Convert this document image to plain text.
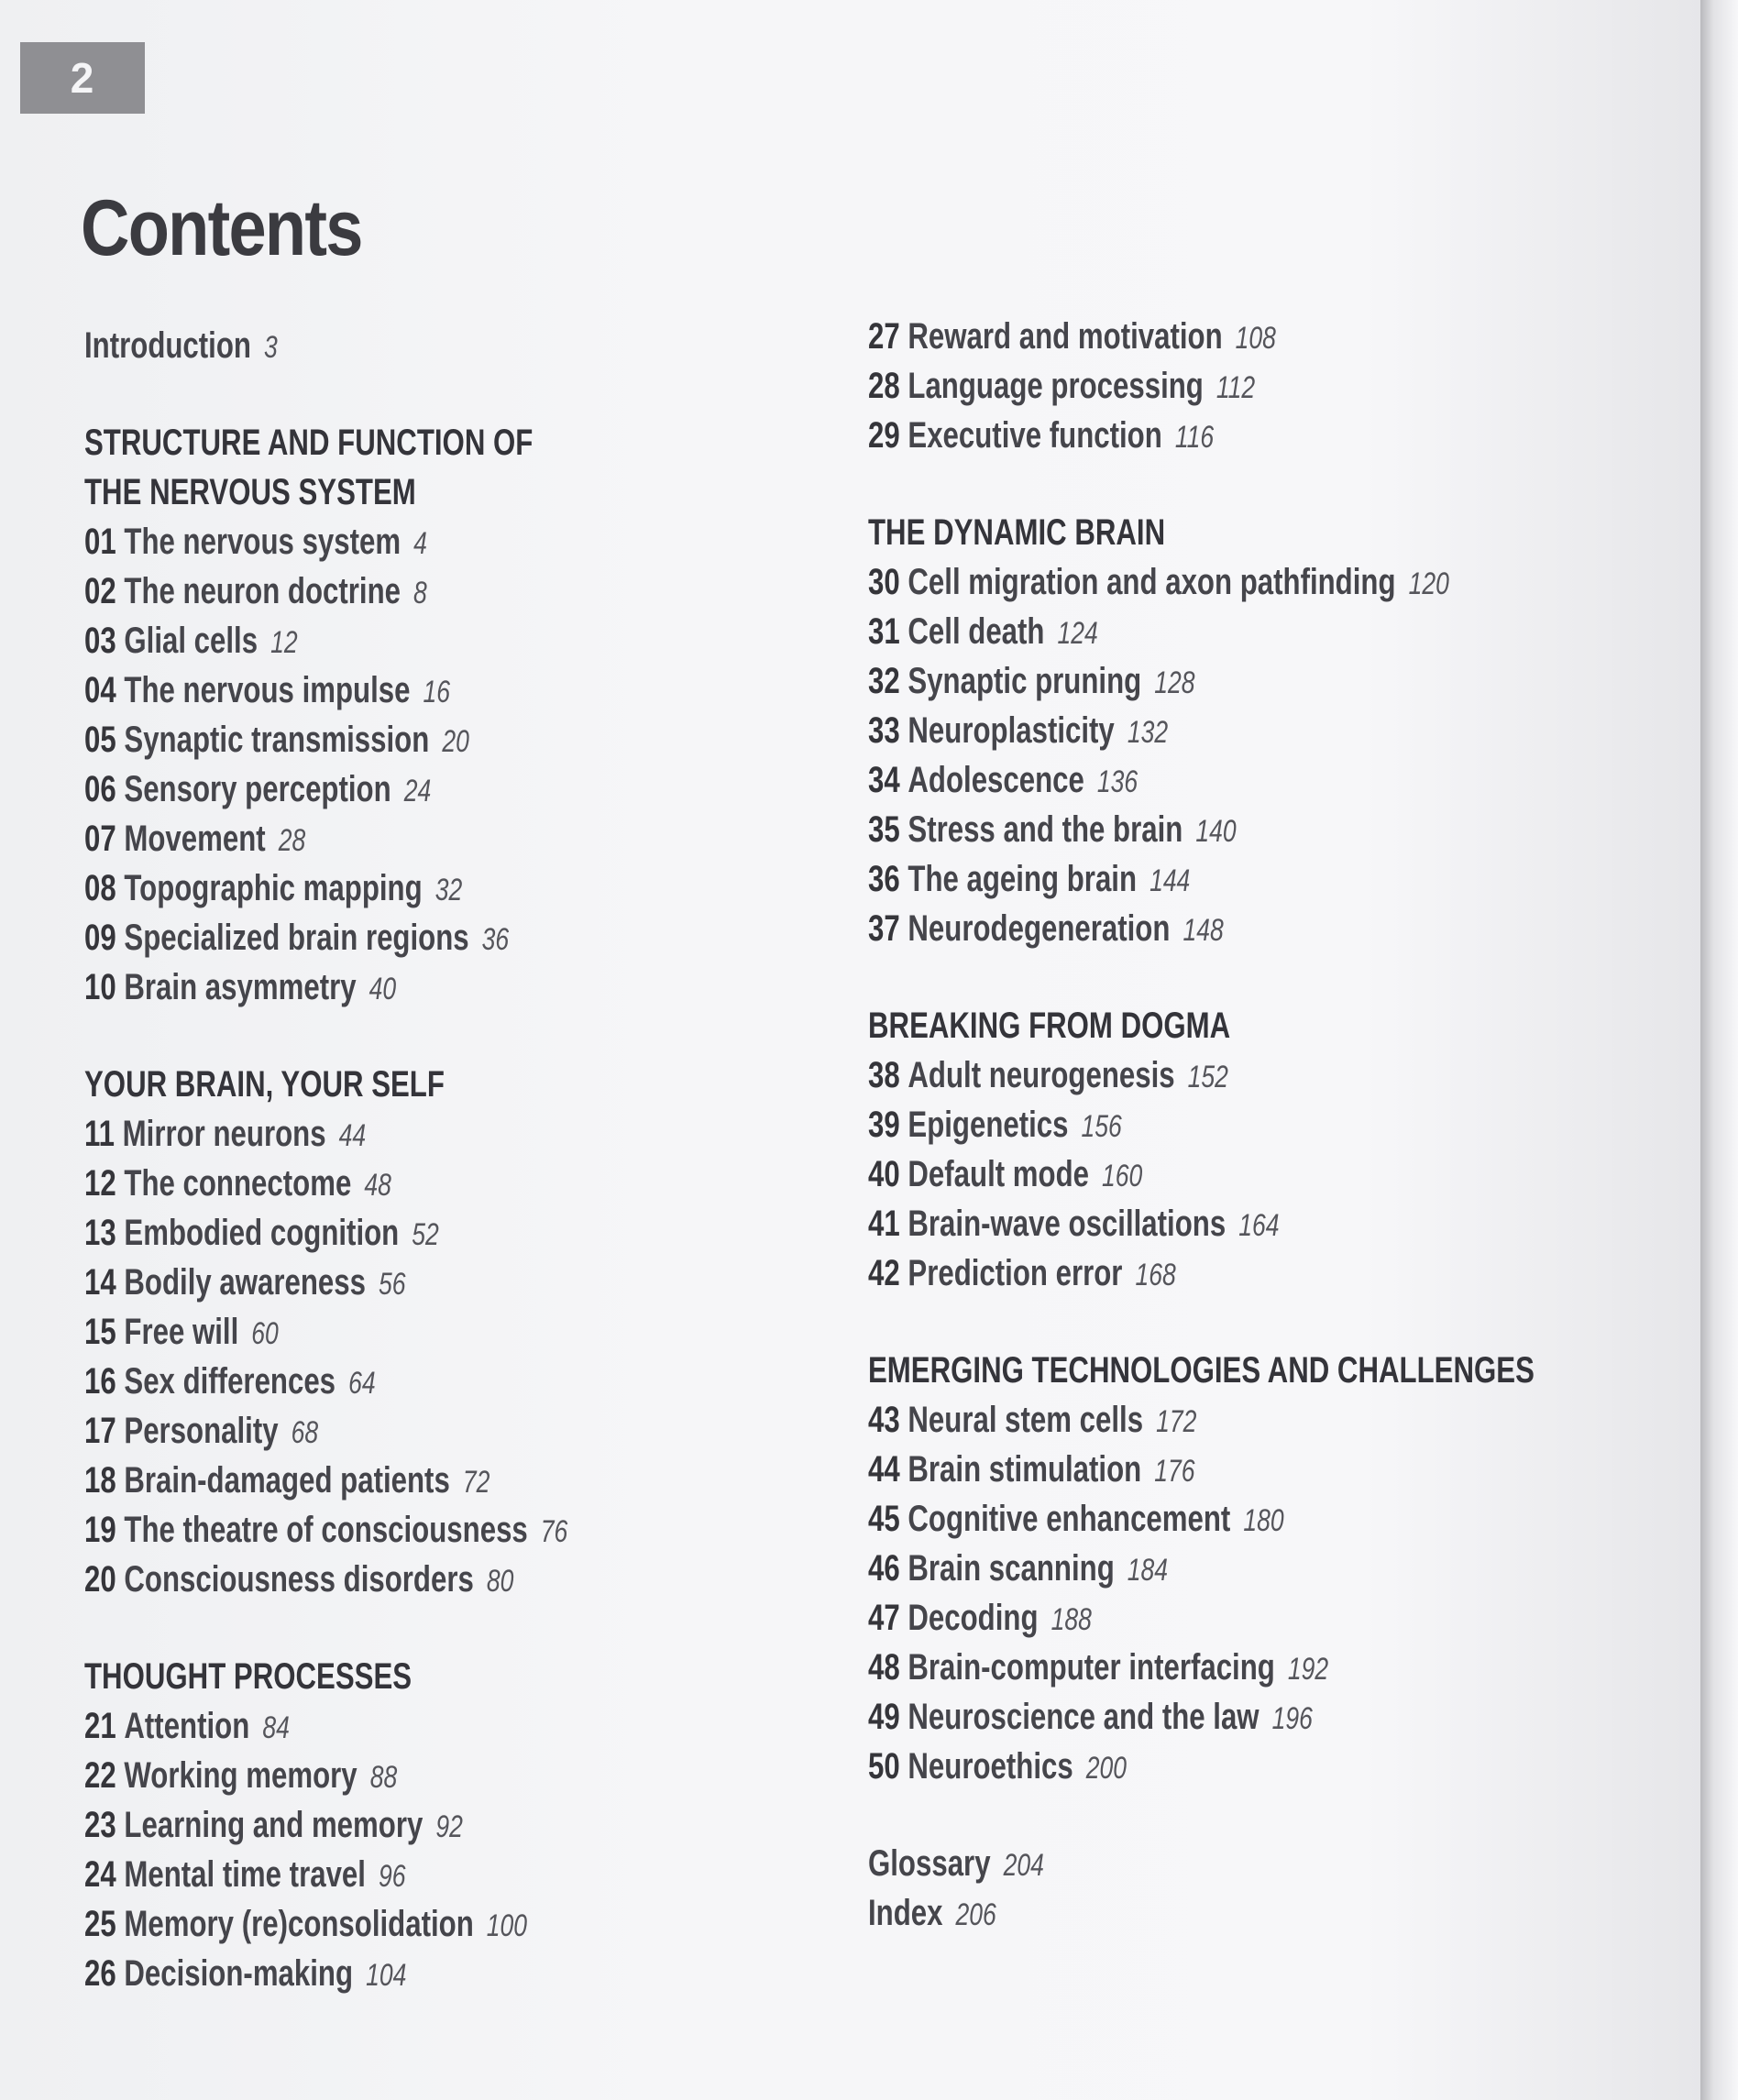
2
Contents
Introduction 3
STRUCTURE AND FUNCTION OF
THE NERVOUS SYSTEM
01 The nervous system 4
02 The neuron doctrine 8
03 Glial cells 12
04 The nervous impulse 16
05 Synaptic transmission 20
06 Sensory perception 24
07 Movement 28
08 Topographic mapping 32
09 Specialized brain regions 36
10 Brain asymmetry 40
YOUR BRAIN, YOUR SELF
11 Mirror neurons 44
12 The connectome 48
13 Embodied cognition 52
14 Bodily awareness 56
15 Free will 60
16 Sex differences 64
17 Personality 68
18 Brain-damaged patients 72
19 The theatre of consciousness 76
20 Consciousness disorders 80
THOUGHT PROCESSES
21 Attention 84
22 Working memory 88
23 Learning and memory 92
24 Mental time travel 96
25 Memory (re)consolidation 100
26 Decision-making 104
27 Reward and motivation 108
28 Language processing 112
29 Executive function 116
THE DYNAMIC BRAIN
30 Cell migration and axon pathfinding 120
31 Cell death 124
32 Synaptic pruning 128
33 Neuroplasticity 132
34 Adolescence 136
35 Stress and the brain 140
36 The ageing brain 144
37 Neurodegeneration 148
BREAKING FROM DOGMA
38 Adult neurogenesis 152
39 Epigenetics 156
40 Default mode 160
41 Brain-wave oscillations 164
42 Prediction error 168
EMERGING TECHNOLOGIES AND CHALLENGES
43 Neural stem cells 172
44 Brain stimulation 176
45 Cognitive enhancement 180
46 Brain scanning 184
47 Decoding 188
48 Brain-computer interfacing 192
49 Neuroscience and the law 196
50 Neuroethics 200
Glossary 204
Index 206
